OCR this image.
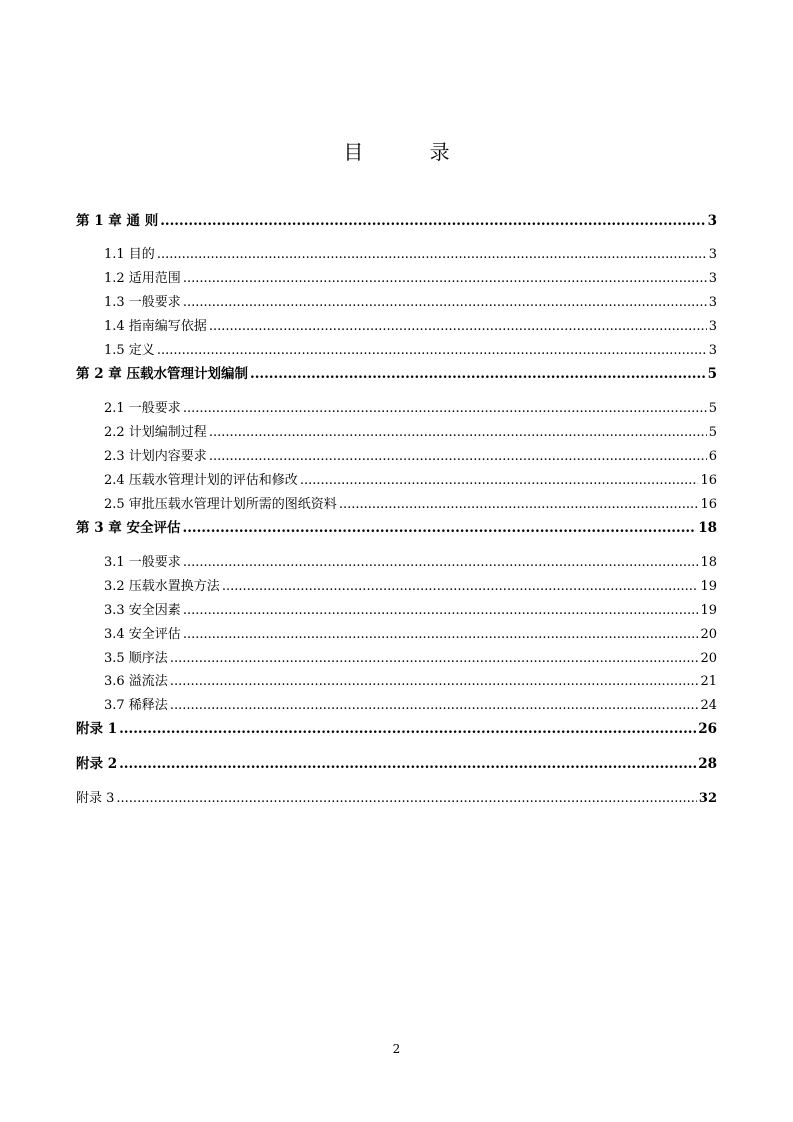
目 录
第 1 章 通 则 .....	3
1.1 目的 .....	3
1.2 适用范围 .....	3
1.3 一般要求 .....	3
1.4 指南编写依据 .....	3
1.5 定义 .....	3
第 2 章 压载水管理计划编制 .....	5
2.1 一般要求 .....	5
2.2 计划编制过程 .....	5
2.3 计划内容要求 .....	6
2.4 压载水管理计划的评估和修改 .....	16
2.5 审批压载水管理计划所需的图纸资料 .....	16
第 3 章 安全评估 .....	18
3.1 一般要求 .....	18
3.2 压载水置换方法 .....	19
3.3 安全因素 .....	19
3.4 安全评估 .....	20
3.5 顺序法 .....	20
3.6 溢流法 .....	21
3.7 稀释法 .....	24
附录 1 .....	26
附录 2 .....	28
附录 3 .....	32
2
